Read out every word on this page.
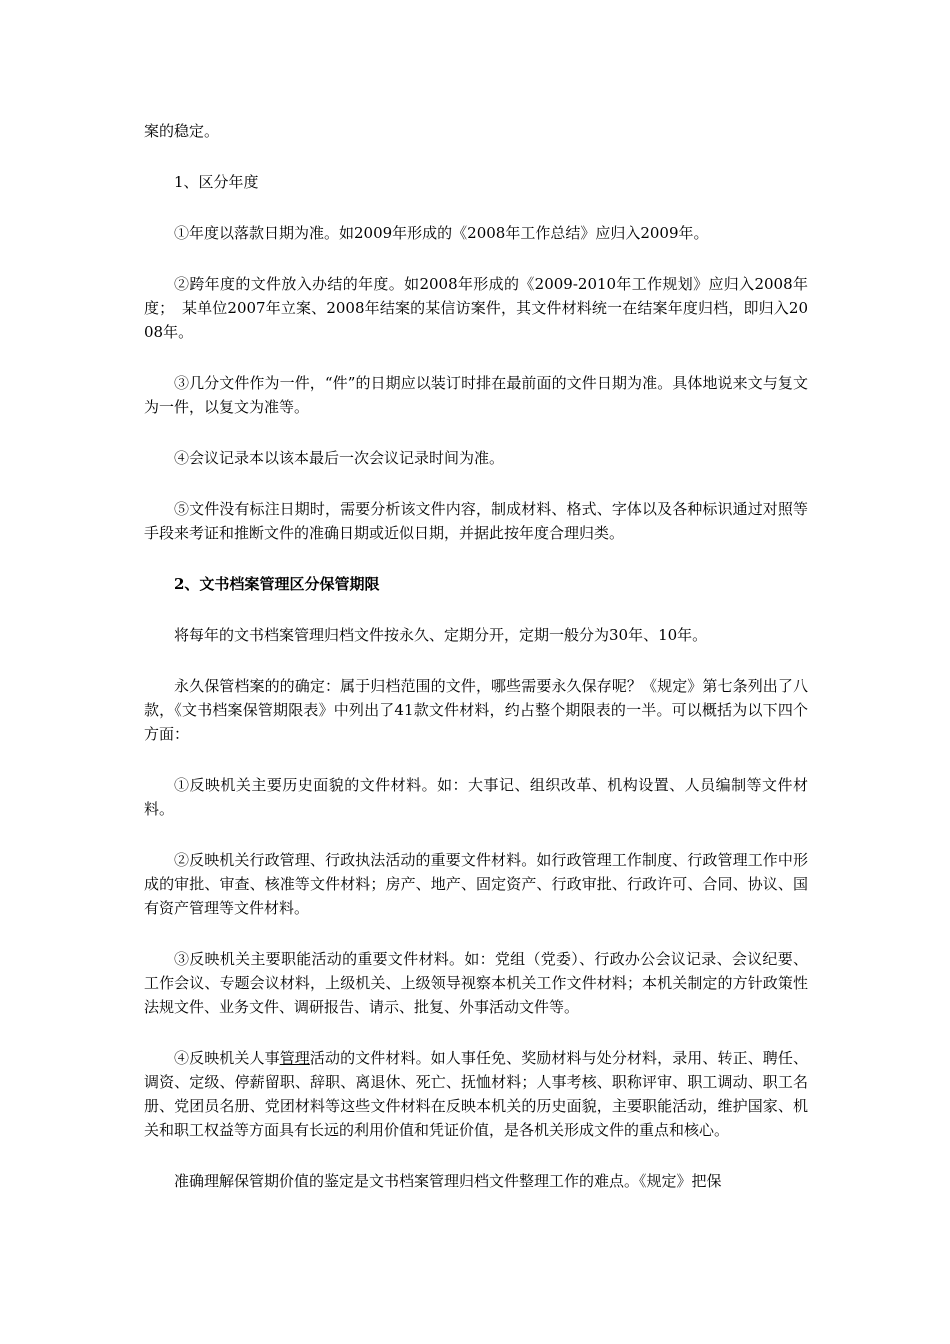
案的稳定。

1、区分年度

①年度以落款日期为准。如2009年形成的《2008年工作总结》应归入2009年。

②跨年度的文件放入办结的年度。如2008年形成的《2009-2010年工作规划》应归入2008年度；　某单位2007年立案、2008年结案的某信访案件，其文件材料统一在结案年度归档，即归入2008年。

③几分文件作为一件，“件”的日期应以装订时排在最前面的文件日期为准。具体地说来文与复文为一件，以复文为准等。

④会议记录本以该本最后一次会议记录时间为准。

⑤文件没有标注日期时，需要分析该文件内容，制成材料、格式、字体以及各种标识通过对照等手段来考证和推断文件的准确日期或近似日期，并据此按年度合理归类。

2、文书档案管理区分保管期限

将每年的文书档案管理归档文件按永久、定期分开，定期一般分为30年、10年。

永久保管档案的的确定：属于归档范围的文件，哪些需要永久保存呢？《规定》第七条列出了八款，《文书档案保管期限表》中列出了41款文件材料，约占整个期限表的一半。可以概括为以下四个方面：

①反映机关主要历史面貌的文件材料。如：大事记、组织改革、机构设置、人员编制等文件材料。

②反映机关行政管理、行政执法活动的重要文件材料。如行政管理工作制度、行政管理工作中形成的审批、审查、核准等文件材料；房产、地产、固定资产、行政审批、行政许可、合同、协议、国有资产管理等文件材料。

③反映机关主要职能活动的重要文件材料。如：党组（党委）、行政办公会议记录、会议纪要、工作会议、专题会议材料，上级机关、上级领导视察本机关工作文件材料；本机关制定的方针政策性法规文件、业务文件、调研报告、请示、批复、外事活动文件等。

④反映机关人事管理活动的文件材料。如人事任免、奖励材料与处分材料，录用、转正、聘任、调资、定级、停薪留职、辞职、离退休、死亡、抚恤材料；人事考核、职称评审、职工调动、职工名册、党团员名册、党团材料等这些文件材料在反映本机关的历史面貌，主要职能活动，维护国家、机关和职工权益等方面具有长远的利用价值和凭证价值，是各机关形成文件的重点和核心。

准确理解保管期价值的鉴定是文书档案管理归档文件整理工作的难点。《规定》把保
